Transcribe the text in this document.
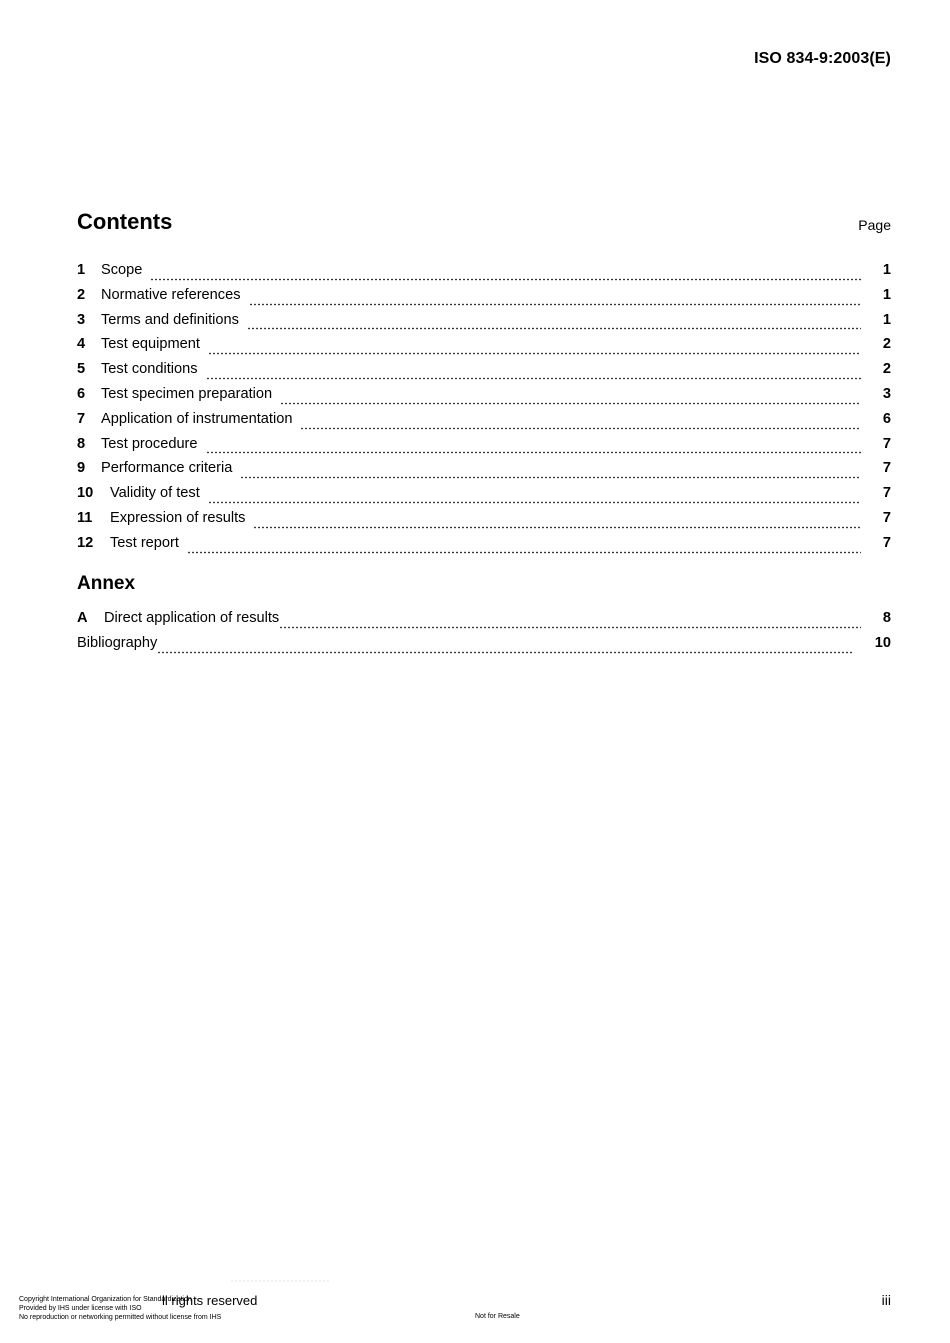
ISO 834-9:2003(E)
Contents	Page
1	Scope	1
2	Normative references	1
3	Terms and definitions	1
4	Test equipment	2
5	Test conditions	2
6	Test specimen preparation	3
7	Application of instrumentation	6
8	Test procedure	7
9	Performance criteria	7
10	Validity of test	7
11	Expression of results	7
12	Test report	7
Annex
A	Direct application of results	8
Bibliography	10
Copyright International Organization for Standardization
Provided by IHS under license with ISO
No reproduction or networking permitted without license from IHS
ll rights reserved
Not for Resale
iii
